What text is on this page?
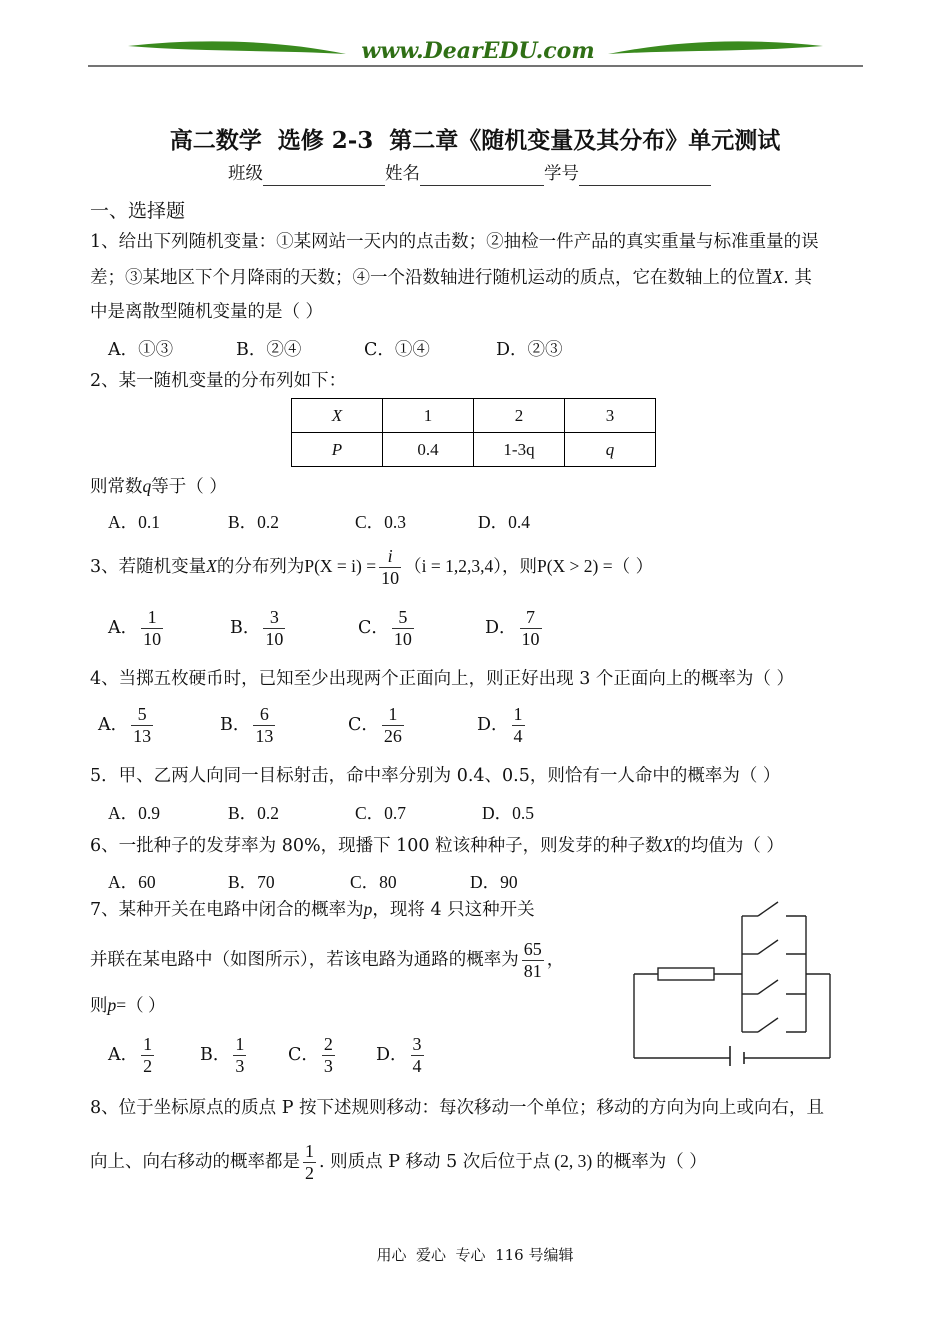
www.DearEDU.com
高二数学  选修 2-3  第二章《随机变量及其分布》单元测试
班级	姓名	学号
一、选择题
1、给出下列随机变量：①某网站一天内的点击数；②抽检一件产品的真实重量与标准重量的误
差；③某地区下个月降雨的天数；④一个沿数轴进行随机运动的质点，它在数轴上的位置X. 其
中是离散型随机变量的是（ ）
A．①③	B．②④	C．①④	D．②③
2、某一随机变量的分布列如下：
X	1	2	3
P	0.4	1-3q	q
则常数q等于（ ）
A．0.1	B．0.2	C．0.3	D．0.4
3、若随机变量X的分布列为$P(X = i) = \frac{i}{10} (i = 1,2,3,4)$，则P(X > 2) =（ ）
A． $\frac{1}{10}$	B． $\frac{3}{10}$	C． $\frac{5}{10}$	D． $\frac{7}{10}$
4、当掷五枚硬币时，已知至少出现两个正面向上，则正好出现 3 个正面向上的概率为（ ）
A． $\frac{5}{13}$	B． $\frac{6}{13}$	C． $\frac{1}{26}$	D． $\frac{1}{4}$
5．甲、乙两人向同一目标射击，命中率分别为 0.4、0.5，则恰有一人命中的概率为（ ）
A．0.9	B．0.2	C．0.7	D．0.5
6、一批种子的发芽率为 80%，现播下 100 粒该种种子，则发芽的种子数X的均值为（ ）
A．60	B．70	C．80	D．90
7、某种开关在电路中闭合的概率为p，现将 4 只这种开关
并联在某电路中（如图所示），若该电路为通路的概率为 $\frac{65}{81}$ ，
则p=（ ）
A． $\frac{1}{2}$	B． $\frac{1}{3}$ C． $\frac{2}{3}$ D． $\frac{3}{4}$
8、位于坐标原点的质点 P 按下述规则移动：每次移动一个单位；移动的方向为向上或向右，且
向上、向右移动的概率都是 $\frac{1}{2}$ . 则质点 P 移动 5 次后位于点 (2, 3) 的概率为（ ）
用心  爱心  专心  116 号编辑
